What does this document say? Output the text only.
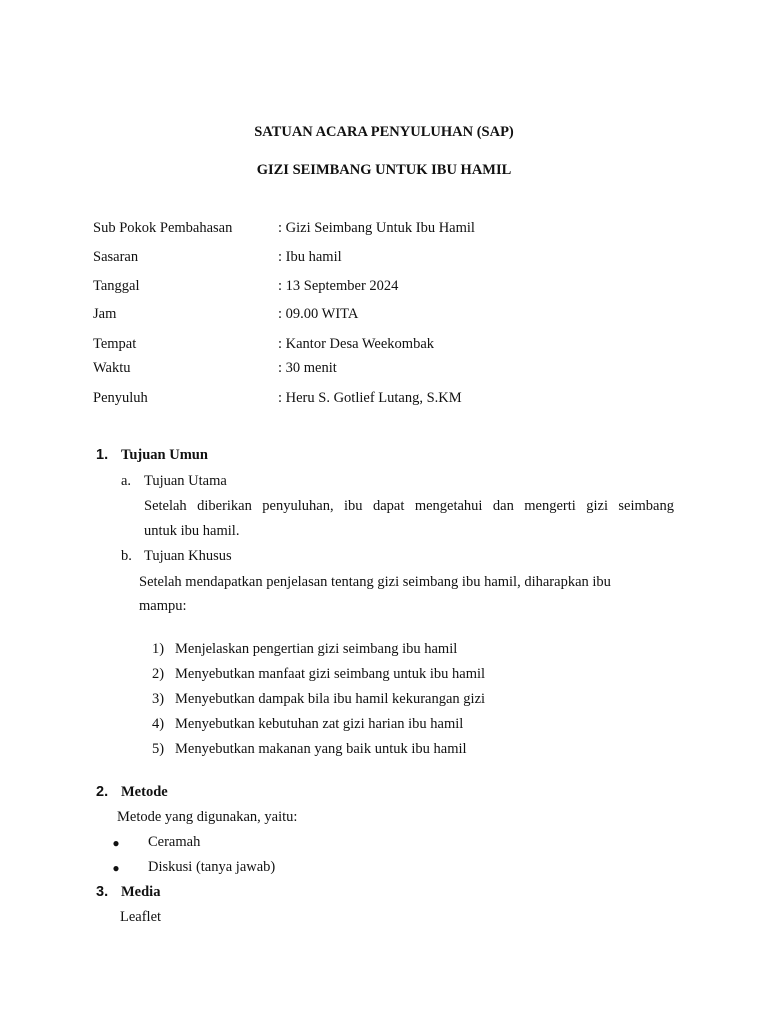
SATUAN ACARA PENYULUHAN (SAP)
GIZI SEIMBANG UNTUK IBU HAMIL
Sub Pokok Pembahasan	: Gizi Seimbang Untuk Ibu Hamil
Sasaran	: Ibu hamil
Tanggal	: 13 September 2024
Jam	: 09.00 WITA
Tempat	: Kantor Desa Weekombak
Waktu	: 30 menit
Penyuluh	: Heru S. Gotlief Lutang, S.KM
1. Tujuan Umun
a. Tujuan Utama
Setelah diberikan penyuluhan, ibu dapat mengetahui dan mengerti gizi seimbang
untuk ibu hamil.
b. Tujuan Khusus
Setelah mendapatkan penjelasan tentang gizi seimbang ibu hamil, diharapkan ibu
mampu:
1) Menjelaskan pengertian gizi seimbang ibu hamil
2) Menyebutkan manfaat gizi seimbang untuk ibu hamil
3) Menyebutkan dampak bila ibu hamil kekurangan gizi
4) Menyebutkan kebutuhan zat gizi harian ibu hamil
5) Menyebutkan makanan yang baik untuk ibu hamil
2. Metode
Metode yang digunakan, yaitu:
● Ceramah
● Diskusi (tanya jawab)
3. Media
Leaflet
